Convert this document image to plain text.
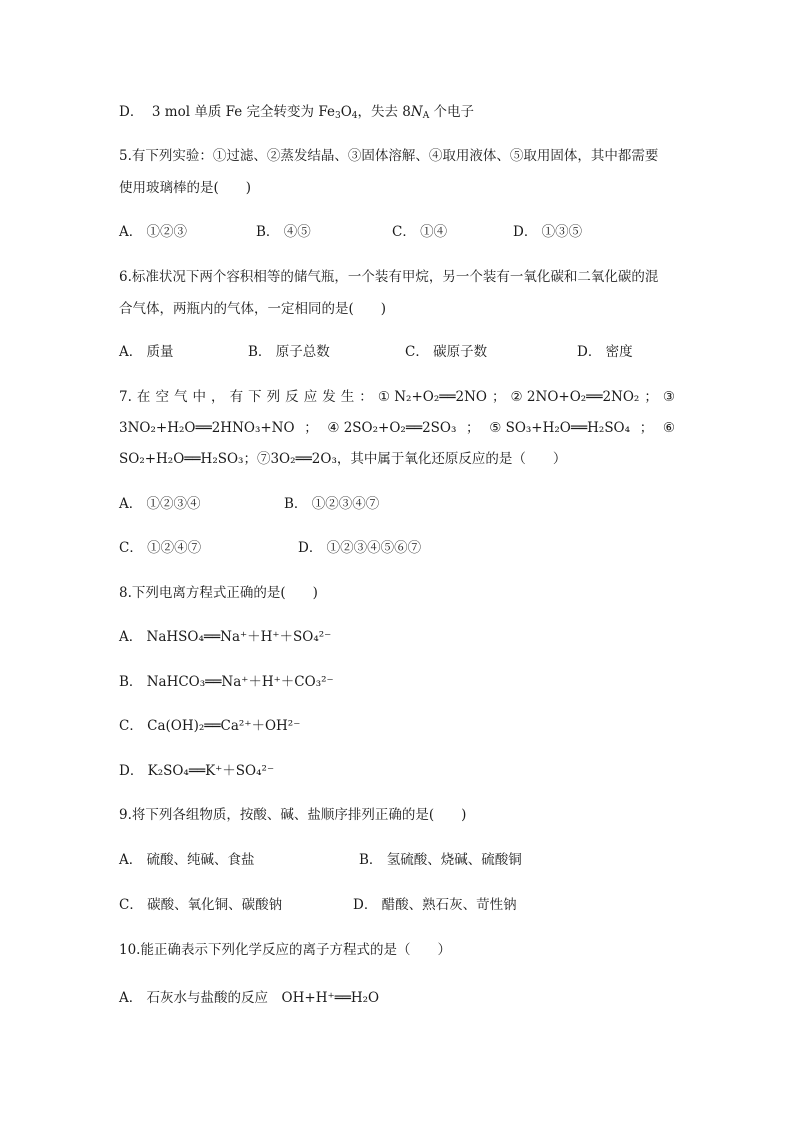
D． 3 mol 单质 Fe 完全转变为 $Fe_3O_4$，失去 $8N_A$ 个电子
5.有下列实验：①过滤、②蒸发结晶、③固体溶解、④取用液体、⑤取用固体，其中都需要
使用玻璃棒的是(　　)
A． ①②③	B． ④⑤	C． ①④	D． ①③⑤
6.标准状况下两个容积相等的储气瓶，一个装有甲烷，另一个装有一氧化碳和二氧化碳的混
合气体，两瓶内的气体，一定相同的是(　　)
A． 质量	B． 原子总数	C． 碳原子数	D． 密度
7. 在 空 气 中 ， 有 下 列 反 应 发 生 ： ① N₂+O₂══2NO ； ② 2NO+O₂══2NO₂ ； ③
3NO₂+H₂O══2HNO₃+NO ； ④ 2SO₂+O₂══2SO₃ ； ⑤ SO₃+H₂O══H₂SO₄ ； ⑥
SO₂+H₂O══H₂SO₃；⑦3O₂══2O₃，其中属于氧化还原反应的是（　　）
A． ①②③④	B． ①②③④⑦
C． ①②④⑦	D． ①②③④⑤⑥⑦
8.下列电离方程式正确的是(　　)
A． NaHSO₄══Na⁺＋H⁺＋SO₄²⁻
B． NaHCO₃══Na⁺＋H⁺＋CO₃²⁻
C． Ca(OH)₂══Ca²⁺＋OH²⁻
D． K₂SO₄══K⁺＋SO₄²⁻
9.将下列各组物质，按酸、碱、盐顺序排列正确的是(　　)
A． 硫酸、纯碱、食盐	B． 氢硫酸、烧碱、硫酸铜
C． 碳酸、氧化铜、碳酸钠	D． 醋酸、熟石灰、苛性钠
10.能正确表示下列化学反应的离子方程式的是（　　）
A． 石灰水与盐酸的反应　OH+H⁺══H₂O
